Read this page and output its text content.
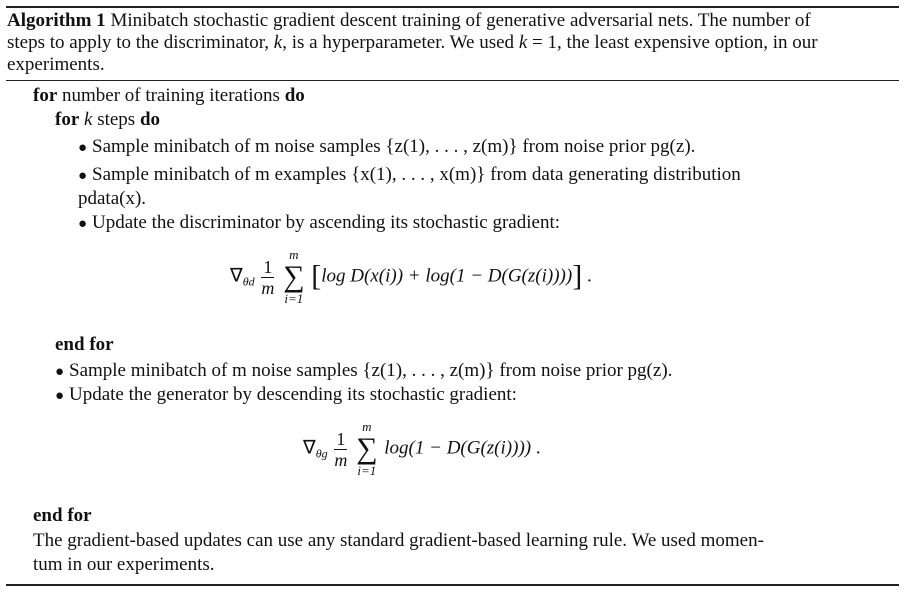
Algorithm 1 Minibatch stochastic gradient descent training of generative adversarial nets. The number of
steps to apply to the discriminator, k, is a hyperparameter. We used k = 1, the least expensive option, in our
experiments.
for number of training iterations do
for k steps do
● Sample minibatch of m noise samples {z(1), . . . , z(m)} from noise prior pg(z).
● Sample minibatch of m examples {x(1), . . . , x(m)} from data generating distribution
pdata(x).
● Update the discriminator by ascending its stochastic gradient:
$\nabla_{\theta d} \frac{1}{m}$

m
∑
i=1
[log D(x(i)) + log(1 − D(G(z(i))))] .
end for
● Sample minibatch of m noise samples {z(1), . . . , z(m)} from noise prior pg(z).
● Update the generator by descending its stochastic gradient:
$\nabla_{\theta g} \frac{1}{m}$

m
∑
i=1
log(1 − D(G(z(i)))) .
end for
The gradient-based updates can use any standard gradient-based learning rule. We used momen-
tum in our experiments.
